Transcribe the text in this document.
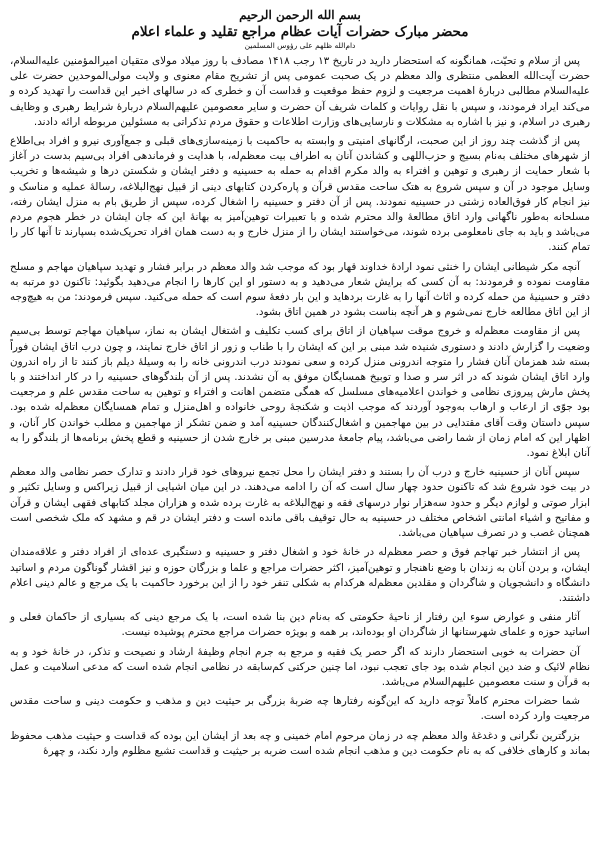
بسم الله الرحمن الرحیم
محضر مبارک حضرات آیات عظام مراجع تقلید و علماء اعلام
دام‌الله ظلهم علی رؤوس المسلمین

پس از سلام و تحیّت، همانگونه که استحضار دارید در تاریخ ۱۳ رجب ۱۴۱۸ مصادف با روز میلاد مولای متقیان امیرالمؤمنین علیه‌السلام، حضرت آیت‌الله العظمی منتظری والد معظم در یک صحبت عمومی پس از تشریح مقام معنوی و ولایت مولی‌الموحدین حضرت علی علیه‌السلام مطالبی دربارهٔ اهمیت مرجعیت و لزوم حفظ موقعیت و قداست آن و خطری که در سالهای اخیر این قداست را تهدید کرده و می‌کند ایراد فرمودند، و سپس با نقل روایات و کلمات شریف آن حضرت و سایر معصومین علیهم‌السلام دربارهٔ شرایط رهبری و وظایف رهبری در اسلام، و نیز با اشاره به مشکلات و نارسایی‌های وزارت اطلاعات و حقوق مردم تذکراتی به مسئولین مربوطه ارائه دادند.

پس از گذشت چند روز از این صحبت، ارگانهای امنیتی و وابسته به حاکمیت با زمینه‌سازی‌های قبلی و جمع‌آوری نیرو و افراد بی‌اطلاع از شهرهای مختلف به‌نام بسیج و حزب‌اللهی و کشاندن آنان به اطراف بیت معظم‌له، با هدایت و فرماندهی افراد بی‌سیم بدست در آغاز با شعار حمایت از رهبری و توهین و افتراء به والد مکرم اقدام به حمله به حسینیه و دفتر ایشان و شکستن درها و شیشه‌ها و تخریب وسایل موجود در آن و سپس شروع به هتک ساحت مقدس قرآن و پاره‌کردن کتابهای دینی از قبیل نهج‌البلاغه، رسالهٔ عملیه و مناسک و نیز انجام کار فوق‌العاده زشتی در حسینیه نمودند. پس از آن دفتر و حسینیه را اشغال کرده، سپس از طریق بام به منزل ایشان رفته، مسلحانه به‌طور ناگهانی وارد اتاق مطالعهٔ والد محترم شده و با تعبیرات توهین‌آمیز به بهانهٔ این که جان ایشان در خطر هجوم مردم می‌باشد و باید به جای نامعلومی برده شوند، می‌خواستند ایشان را از منزل خارج و به دست همان افراد تحریک‌شده بسپارند تا آنها کار را تمام کنند.

آنچه مکر شیطانی ایشان را خنثی نمود ارادهٔ خداوند قهار بود که موجب شد والد معظم در برابر فشار و تهدید سپاهیان مهاجم و مسلح مقاومت نموده و فرمودند: به آن کسی که برایش شعار می‌دهید و به دستور او این کارها را انجام می‌دهید بگوئید: تاکنون دو مرتبه به دفتر و حسینیهٔ من حمله کرده و اثاث آنها را به غارت بردهاید و این بار دفعهٔ سوم است که حمله می‌کنید. سپس فرمودند: من به هیچ‌وجه از این اتاق مطالعه خارج نمی‌شوم و هر آنچه بناست بشود در همین اتاق بشود.

پس از مقاومت معظم‌له و خروج موقت سپاهیان از اتاق برای کسب تکلیف و اشتغال ایشان به نماز، سپاهیان مهاجم توسط بی‌سیم وضعیت را گزارش دادند و دستوری شنیده شد مبنی بر این که ایشان را با طناب و زور از اتاق خارج نمایند، و چون درب اتاق ایشان فوراً بسته شد همزمان آنان فشار را متوجه اندرونی منزل کرده و سعی نمودند درب اندرونی خانه را به وسیلهٔ دیلم باز کنند تا از راه اندرون وارد اتاق ایشان شوند که در اثر سر و صدا و توبیخ همسایگان موفق به آن نشدند. پس از آن بلندگوهای حسینیه را در کار انداختند و با پخش مارش پیروزی نظامی و خواندن اعلامیه‌های مسلسل که همگی متضمن اهانت و افتراء و توهین به ساحت مقدس علم و مرجعیت بود جوّی از ارعاب و ارهاب به‌وجود آوردند که موجب اذیت و شکنجهٔ روحی خانواده و اهل‌منزل و تمام همسایگان معظم‌له شده بود. سپس داستان وقت آقای مقتدایی در بین مهاجمین و اشغال‌کنندگان حسینیه آمد و ضمن تشکر از مهاجمین و مطلب خواندن کار آنان، و اظهار این که امام زمان از شما راضی می‌باشد، پیام جامعهٔ مدرسین مبنی بر خارج شدن از حسینیه و قطع پخش برنامه‌ها از بلندگو را به آنان ابلاغ نمود.

سپس آنان از حسینیه خارج و درب آن را بستند و دفتر ایشان را محل تجمع نیروهای خود قرار دادند و تدارک حصر نظامی والد معظم در بیت خود شروع شد که تاکنون حدود چهار سال است که آن را ادامه می‌دهند. در این میان اشیایی از قبیل زیراکس و وسایل تکثیر و ابزار صوتی و لوازم دیگر و حدود سه‌هزار نوار درسهای فقه و نهج‌البلاغه به غارت برده شده و هزاران مجلد کتابهای فقهی ایشان و قرآن و مفاتیح و اشیاء امانتی اشخاص مختلف در حسینیه به حال توقیف باقی مانده است و دفتر ایشان در قم و مشهد که ملک شخصی است همچنان غصب و در تصرف سپاهیان می‌باشد.

پس از انتشار خبر تهاجم فوق و حصر معظم‌له در خانهٔ خود و اشغال دفتر و حسینیه و دستگیری عده‌ای از افراد دفتر و علاقه‌مندان ایشان، و بردن آنان به زندان با وضع ناهنجار و توهین‌آمیز، اکثر حضرات مراجع و علما و بزرگان حوزه و نیز اقشار گوناگون مردم و اساتید دانشگاه و دانشجویان و شاگردان و مقلدین معظم‌له هرکدام به شکلی تنفر خود را از این برخورد حاکمیت با یک مرجع و عالم دینی اعلام داشتند.

آثار منفی و عوارض سوء این رفتار از ناحیهٔ حکومتی که به‌نام دین بنا شده است، با یک مرجع دینی که بسیاری از حاکمان فعلی و اساتید حوزه و علمای شهرستانها از شاگردان او بوده‌اند، بر همه و بویژه حضرات مراجع محترم پوشیده نیست.

آن حضرات به خوبی استحضار دارند که اگر حصر یک فقیه و مرجع به جرم انجام وظیفهٔ ارشاد و نصیحت و تذکر، در خانهٔ خود و به نظام لائیک و ضد دین انجام شده بود جای تعجب نبود، اما چنین حرکتی کم‌سابقه در نظامی انجام شده است که مدعی اسلامیت و عمل به قرآن و سنت معصومین علیهم‌السلام می‌باشد.

شما حضرات محترم کاملاً توجه دارید که این‌گونه رفتارها چه ضربهٔ بزرگی بر حیثیت دین و مذهب و حکومت دینی و ساحت مقدس مرجعیت وارد کرده است.

بزرگترین نگرانی و دغدغهٔ والد معظم چه در زمان مرحوم امام خمینی و چه بعد از ایشان این بوده که قداست و حیثیت مذهب محفوظ بماند و کارهای خلافی که به نام حکومت دین و مذهب انجام شده است ضربه بر حیثیت و قداست تشیع مظلوم وارد نکند، و چهرهٔ
